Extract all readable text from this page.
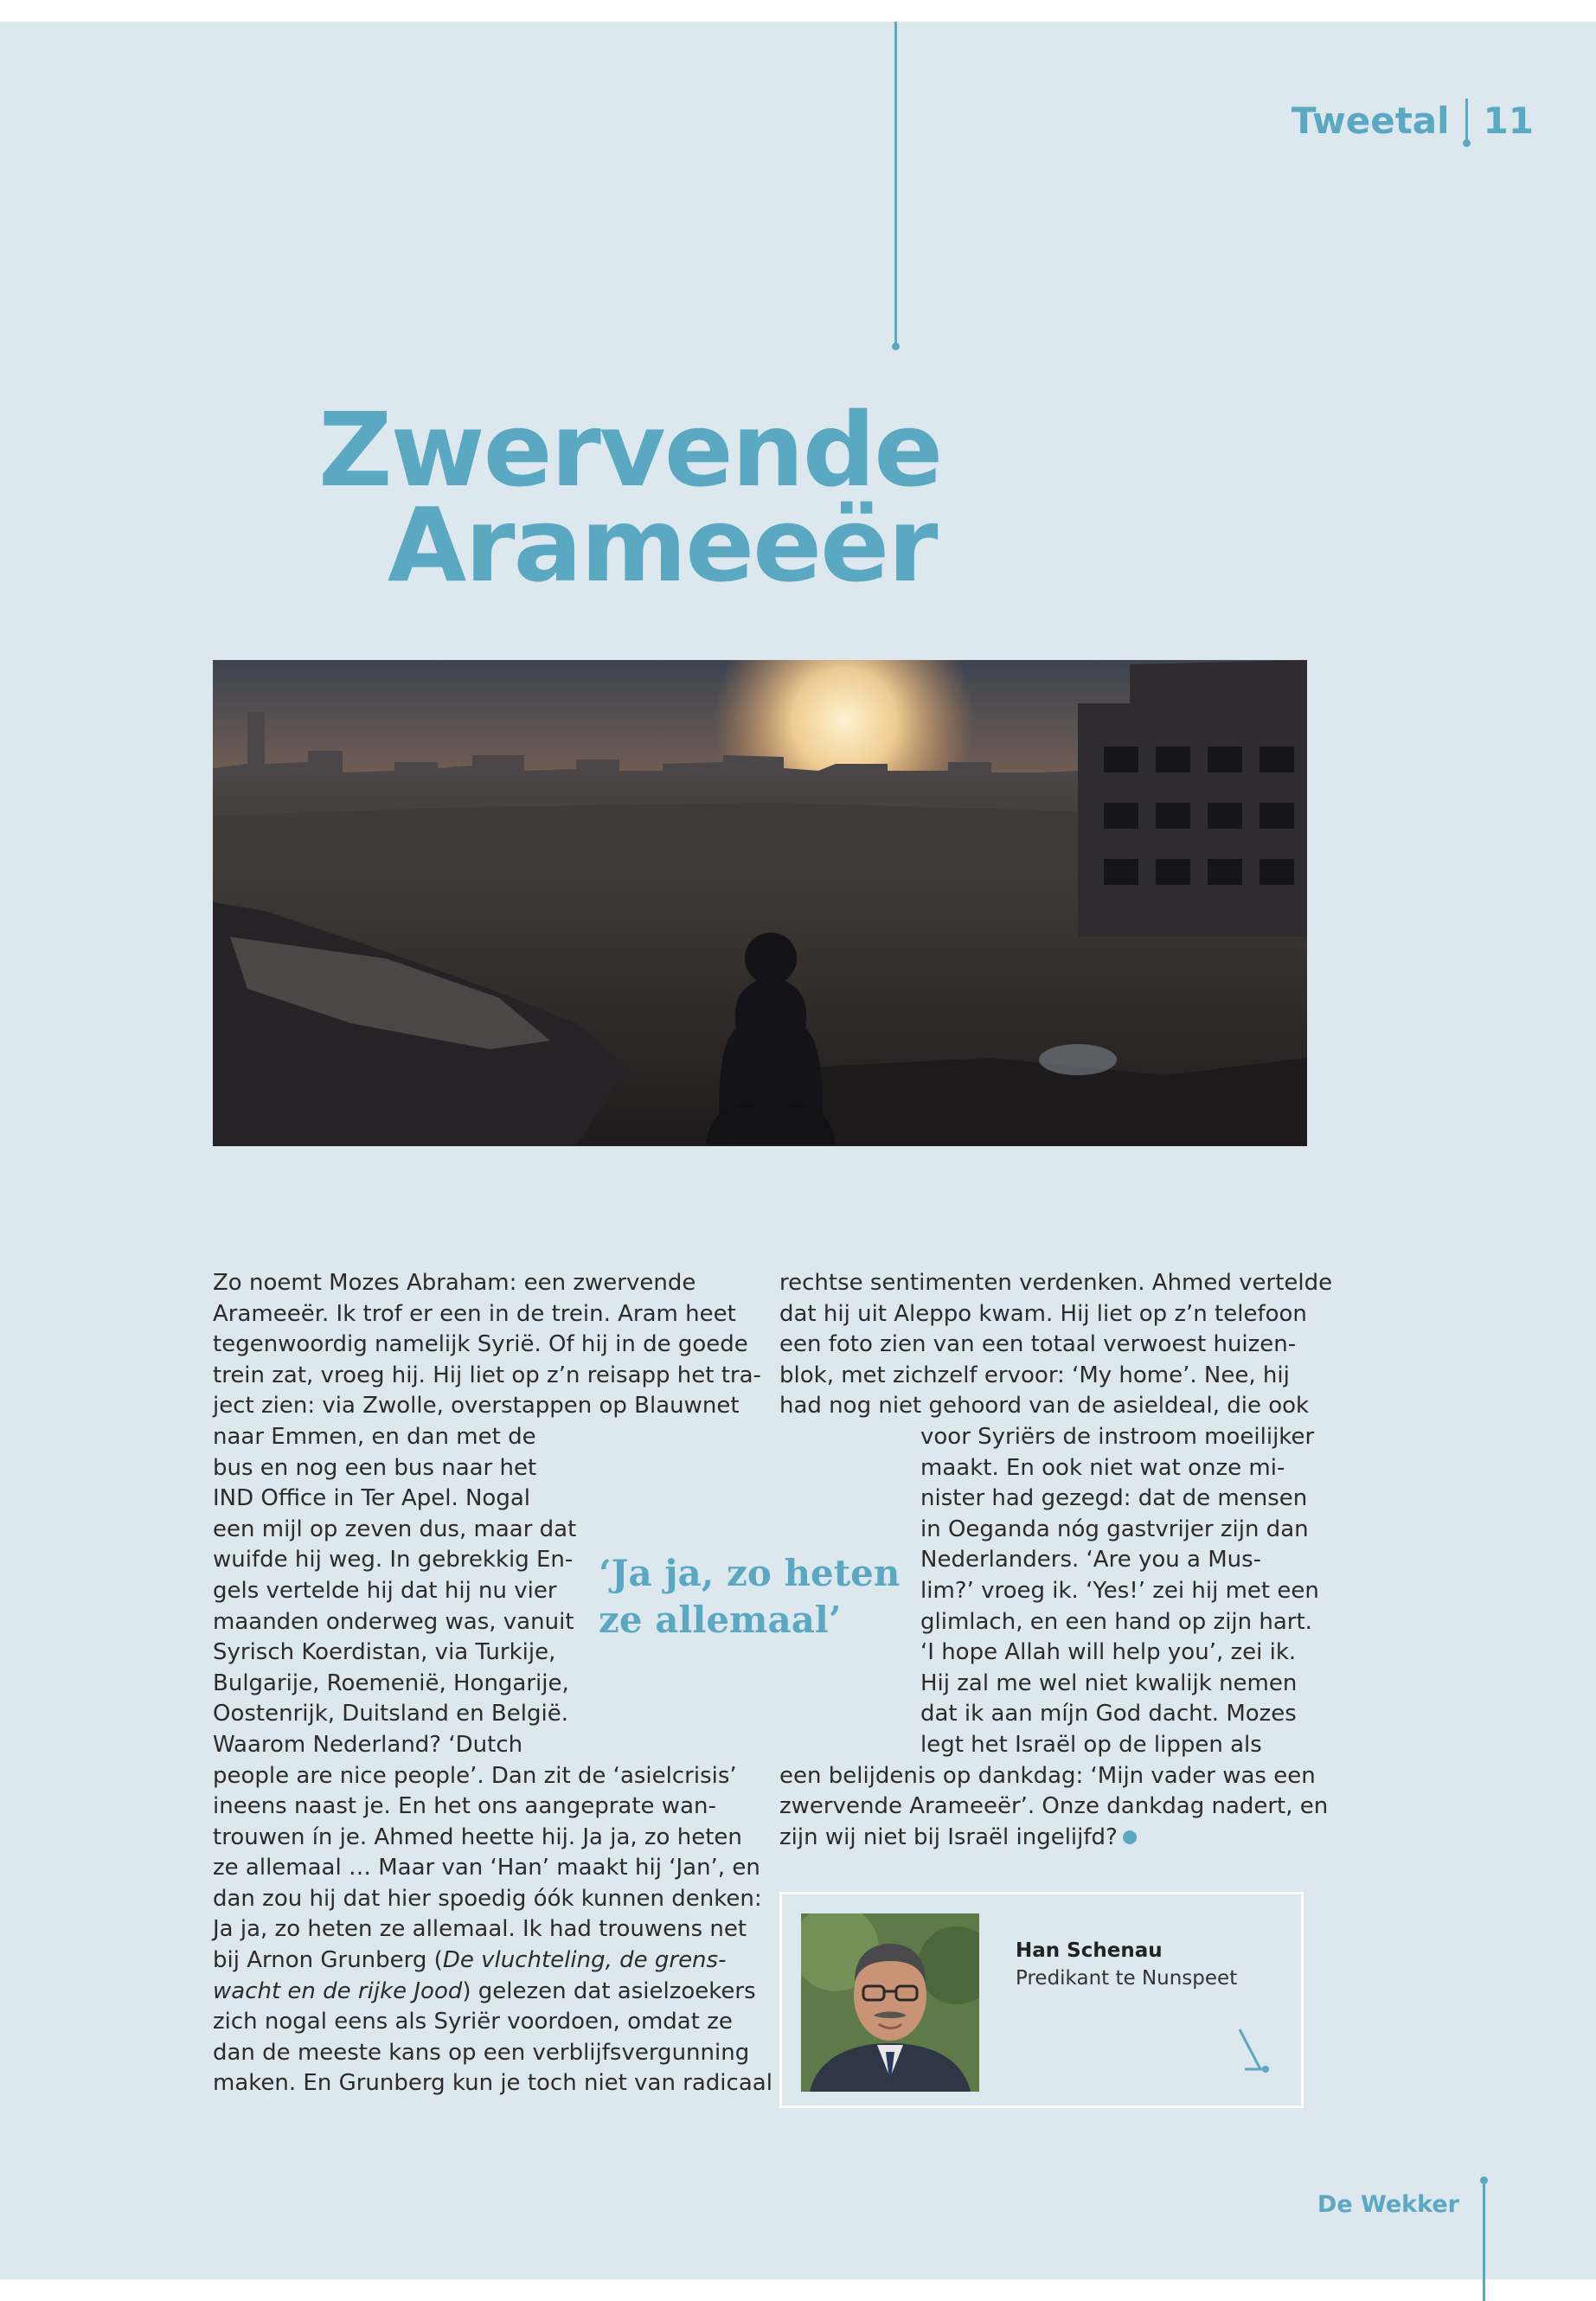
Tweetal 11
Zwervende
Arameeër

Zo noemt Mozes Abraham: een zwervende

Arameeër. Ik trof er een in de trein. Aram heet

tegenwoordig namelijk Syrië. Of hij in de goede

trein zat, vroeg hij. Hij liet op z’n reisapp het tra-

ject zien: via Zwolle, overstappen op Blauwnet

naar Emmen, en dan met de

bus en nog een bus naar het

IND Office in Ter Apel. Nogal

een mijl op zeven dus, maar dat

wuifde hij weg. In gebrekkig En-

gels vertelde hij dat hij nu vier

maanden onderweg was, vanuit

Syrisch Koerdistan, via Turkije,

Bulgarije, Roemenië, Hongarije,

Oostenrijk, Duitsland en België.

Waarom Nederland? ‘Dutch

people are nice people’. Dan zit de ‘asielcrisis’

ineens naast je. En het ons aangeprate wan-

trouwen ín je. Ahmed heette hij. Ja ja, zo heten

ze allemaal … Maar van ‘Han’ maakt hij ‘Jan’, en

dan zou hij dat hier spoedig óók kunnen denken:

Ja ja, zo heten ze allemaal. Ik had trouwens net

bij Arnon Grunberg (De vluchteling, de grens-

wacht en de rijke Jood) gelezen dat asielzoekers

zich nogal eens als Syriër voordoen, omdat ze

dan de meeste kans op een verblijfsvergunning

maken. En Grunberg kun je toch niet van radicaal

‘Ja ja, zo heten
ze allemaal’

rechtse sentimenten verdenken. Ahmed vertelde

dat hij uit Aleppo kwam. Hij liet op z’n telefoon

een foto zien van een totaal verwoest huizen-

blok, met zichzelf ervoor: ‘My home’. Nee, hij

had nog niet gehoord van de asieldeal, die ook

voor Syriërs de instroom moeilijker

maakt. En ook niet wat onze mi-

nister had gezegd: dat de mensen

in Oeganda nóg gastvrijer zijn dan

Nederlanders. ‘Are you a Mus-

lim?’ vroeg ik. ‘Yes!’ zei hij met een

glimlach, en een hand op zijn hart.

‘I hope Allah will help you’, zei ik.

Hij zal me wel niet kwalijk nemen

dat ik aan míjn God dacht. Mozes

legt het Israël op de lippen als

een belijdenis op dankdag: ‘Mijn vader was een

zwervende Arameeër’. Onze dankdag nadert, en

zijn wij niet bij Israël ingelijfd?

Han Schenau
Predikant te Nunspeet
De Wekker
